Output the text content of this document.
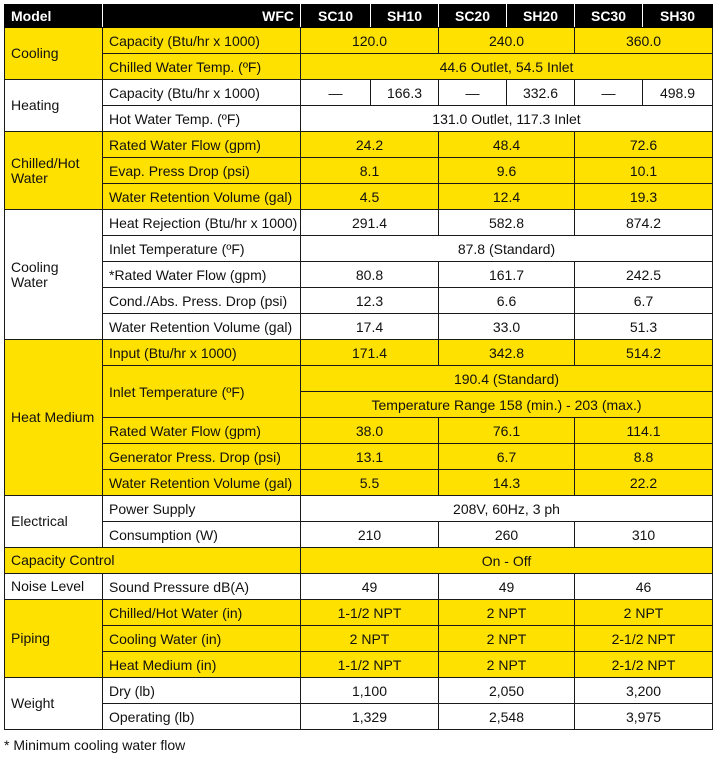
Model	WFC	SC10	SH10	SC20	SH20	SC30	SH30
Cooling	Capacity (Btu/hr x 1000)	120.0		240.0		360.0	
	Chilled Water Temp. (ºF)	44.6 Outlet, 54.5 Inlet					
Heating	Capacity (Btu/hr x 1000)	—	166.3	—	332.6	—	498.9
	Hot Water Temp. (ºF)	131.0 Outlet, 117.3 Inlet					
Chilled/Hot Water	Rated Water Flow (gpm)	24.2		48.4		72.6	
	Evap. Press Drop (psi)	8.1		9.6		10.1	
	Water Retention Volume (gal)	4.5		12.4		19.3	
Cooling Water	Heat Rejection (Btu/hr x 1000)	291.4		582.8		874.2	
	Inlet Temperature (ºF)	87.8 (Standard)					
	*Rated Water Flow (gpm)	80.8		161.7		242.5	
	Cond./Abs. Press. Drop (psi)	12.3		6.6		6.7	
	Water Retention Volume (gal)	17.4		33.0		51.3	
Heat Medium	Input (Btu/hr x 1000)	171.4		342.8		514.2	
	Inlet Temperature (ºF)	190.4 (Standard)					
		Temperature Range 158 (min.) - 203 (max.)					
	Rated Water Flow (gpm)	38.0		76.1		114.1	
	Generator Press. Drop (psi)	13.1		6.7		8.8	
	Water Retention Volume (gal)	5.5		14.3		22.2	
Electrical	Power Supply	208V, 60Hz, 3 ph					
	Consumption (W)	210		260		310	
Capacity Control		On - Off					
Noise Level	Sound Pressure dB(A)	49		49		46	
Piping	Chilled/Hot Water (in)	1-1/2 NPT		2 NPT		2 NPT	
	Cooling Water (in)	2 NPT		2 NPT		2-1/2 NPT	
	Heat Medium (in)	1-1/2 NPT		2 NPT		2-1/2 NPT	
Weight	Dry (lb)	1,100		2,050		3,200	
	Operating (lb)	1,329		2,548		3,975	

* Minimum cooling water flow
